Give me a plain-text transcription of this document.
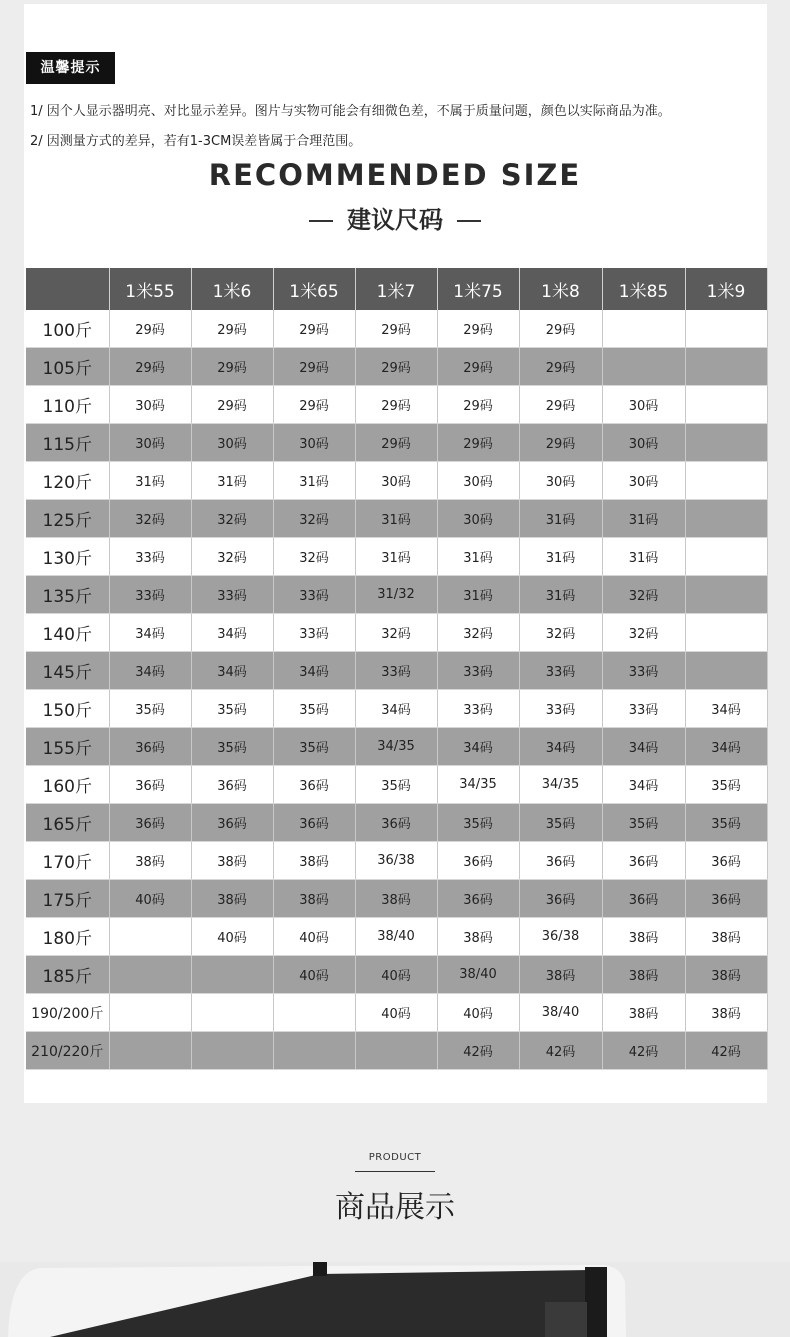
温馨提示
1/ 因个人显示器明亮、对比显示差异。图片与实物可能会有细微色差，不属于质量问题，颜色以实际商品为准。
2/ 因测量方式的差异，若有1-3CM误差皆属于合理范围。
RECOMMENDED SIZE
建议尺码
	1米55	1米6	1米65	1米7	1米75	1米8	1米85	1米9
100斤	29码	29码	29码	29码	29码	29码		
105斤	29码	29码	29码	29码	29码	29码		
110斤	30码	29码	29码	29码	29码	29码	30码	
115斤	30码	30码	30码	29码	29码	29码	30码	
120斤	31码	31码	31码	30码	30码	30码	30码	
125斤	32码	32码	32码	31码	30码	31码	31码	
130斤	33码	32码	32码	31码	31码	31码	31码	
135斤	33码	33码	33码	31/32	31码	31码	32码	
140斤	34码	34码	33码	32码	32码	32码	32码	
145斤	34码	34码	34码	33码	33码	33码	33码	
150斤	35码	35码	35码	34码	33码	33码	33码	34码
155斤	36码	35码	35码	34/35	34码	34码	34码	34码
160斤	36码	36码	36码	35码	34/35	34/35	34码	35码
165斤	36码	36码	36码	36码	35码	35码	35码	35码
170斤	38码	38码	38码	36/38	36码	36码	36码	36码
175斤	40码	38码	38码	38码	36码	36码	36码	36码
180斤		40码	40码	38/40	38码	36/38	38码	38码
185斤			40码	40码	38/40	38码	38码	38码
190/200斤				40码	40码	38/40	38码	38码
210/220斤					42码	42码	42码	42码
PRODUCT
商品展示
